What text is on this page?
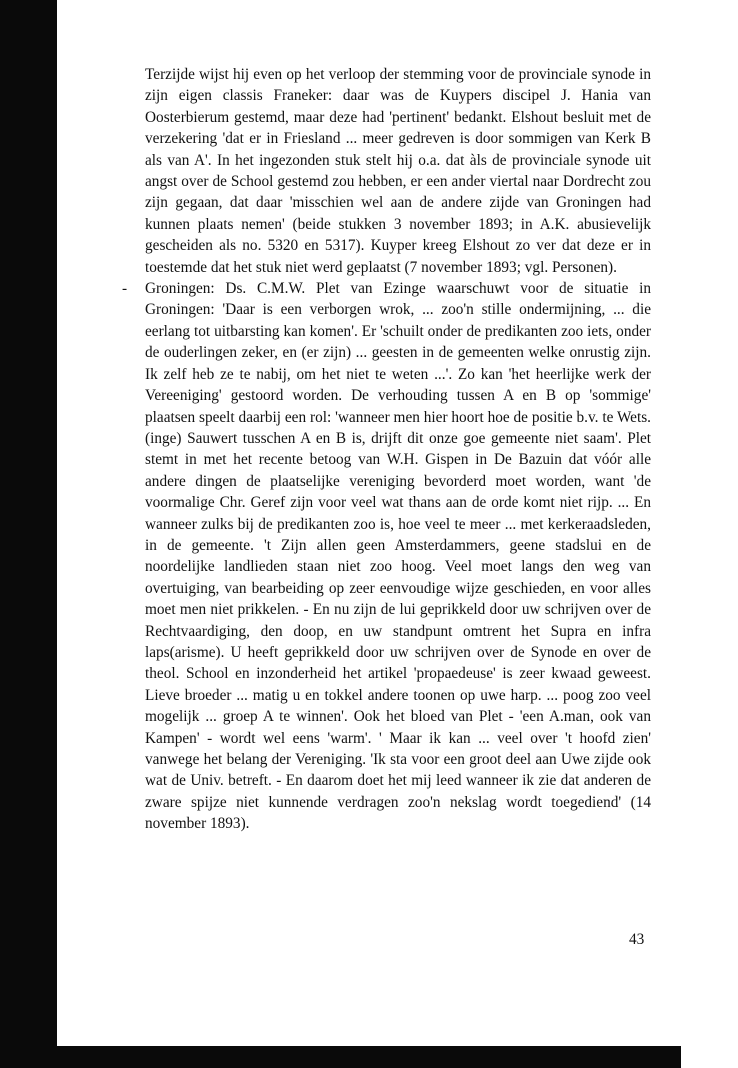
Terzijde wijst hij even op het verloop der stemming voor de provinciale synode in zijn eigen classis Franeker: daar was de Kuypers discipel J. Hania van Oosterbierum gestemd, maar deze had 'pertinent' bedankt. Elshout besluit met de verzekering 'dat er in Friesland ... meer gedreven is door sommigen van Kerk B als van A'. In het ingezonden stuk stelt hij o.a. dat àls de provinciale synode uit angst over de School gestemd zou hebben, er een ander viertal naar Dordrecht zou zijn gegaan, dat daar 'misschien wel aan de andere zijde van Groningen had kunnen plaats nemen' (beide stukken 3 november 1893; in A.K. abusievelijk gescheiden als no. 5320 en 5317). Kuyper kreeg Elshout zo ver dat deze er in toestemde dat het stuk niet werd geplaatst (7 november 1893; vgl. Personen).

- Groningen: Ds. C.M.W. Plet van Ezinge waarschuwt voor de situatie in Groningen: 'Daar is een verborgen wrok, ... zoo'n stille ondermijning, ... die eerlang tot uitbarsting kan komen'. Er 'schuilt onder de predikanten zoo iets, onder de ouderlingen zeker, en (er zijn) ... geesten in de gemeenten welke onrustig zijn. Ik zelf heb ze te nabij, om het niet te weten ...'. Zo kan 'het heerlijke werk der Vereeniging' gestoord worden. De verhouding tussen A en B op 'sommige' plaatsen speelt daarbij een rol: 'wanneer men hier hoort hoe de positie b.v. te Wets.(inge) Sauwert tusschen A en B is, drijft dit onze goe gemeente niet saam'. Plet stemt in met het recente betoog van W.H. Gispen in De Bazuin dat vóór alle andere dingen de plaatselijke vereniging bevorderd moet worden, want 'de voormalige Chr. Geref zijn voor veel wat thans aan de orde komt niet rijp. ... En wanneer zulks bij de predikanten zoo is, hoe veel te meer ... met kerkeraadsleden, in de gemeente. 't Zijn allen geen Amsterdammers, geene stadslui en de noordelijke landlieden staan niet zoo hoog. Veel moet langs den weg van overtuiging, van bearbeiding op zeer eenvoudige wijze geschieden, en voor alles moet men niet prikkelen. - En nu zijn de lui geprikkeld door uw schrijven over de Rechtvaardiging, den doop, en uw standpunt omtrent het Supra en infra laps(arisme). U heeft geprikkeld door uw schrijven over de Synode en over de theol. School en inzonderheid het artikel 'propaedeuse' is zeer kwaad geweest. Lieve broeder ... matig u en tokkel andere toonen op uwe harp. ... poog zoo veel mogelijk ... groep A te winnen'. Ook het bloed van Plet - 'een A.man, ook van Kampen' - wordt wel eens 'warm'. ' Maar ik kan ... veel over 't hoofd zien' vanwege het belang der Vereniging. 'Ik sta voor een groot deel aan Uwe zijde ook wat de Univ. betreft. - En daarom doet het mij leed wanneer ik zie dat anderen de zware spijze niet kunnende verdragen zoo'n nekslag wordt toegediend' (14 november 1893).

43
